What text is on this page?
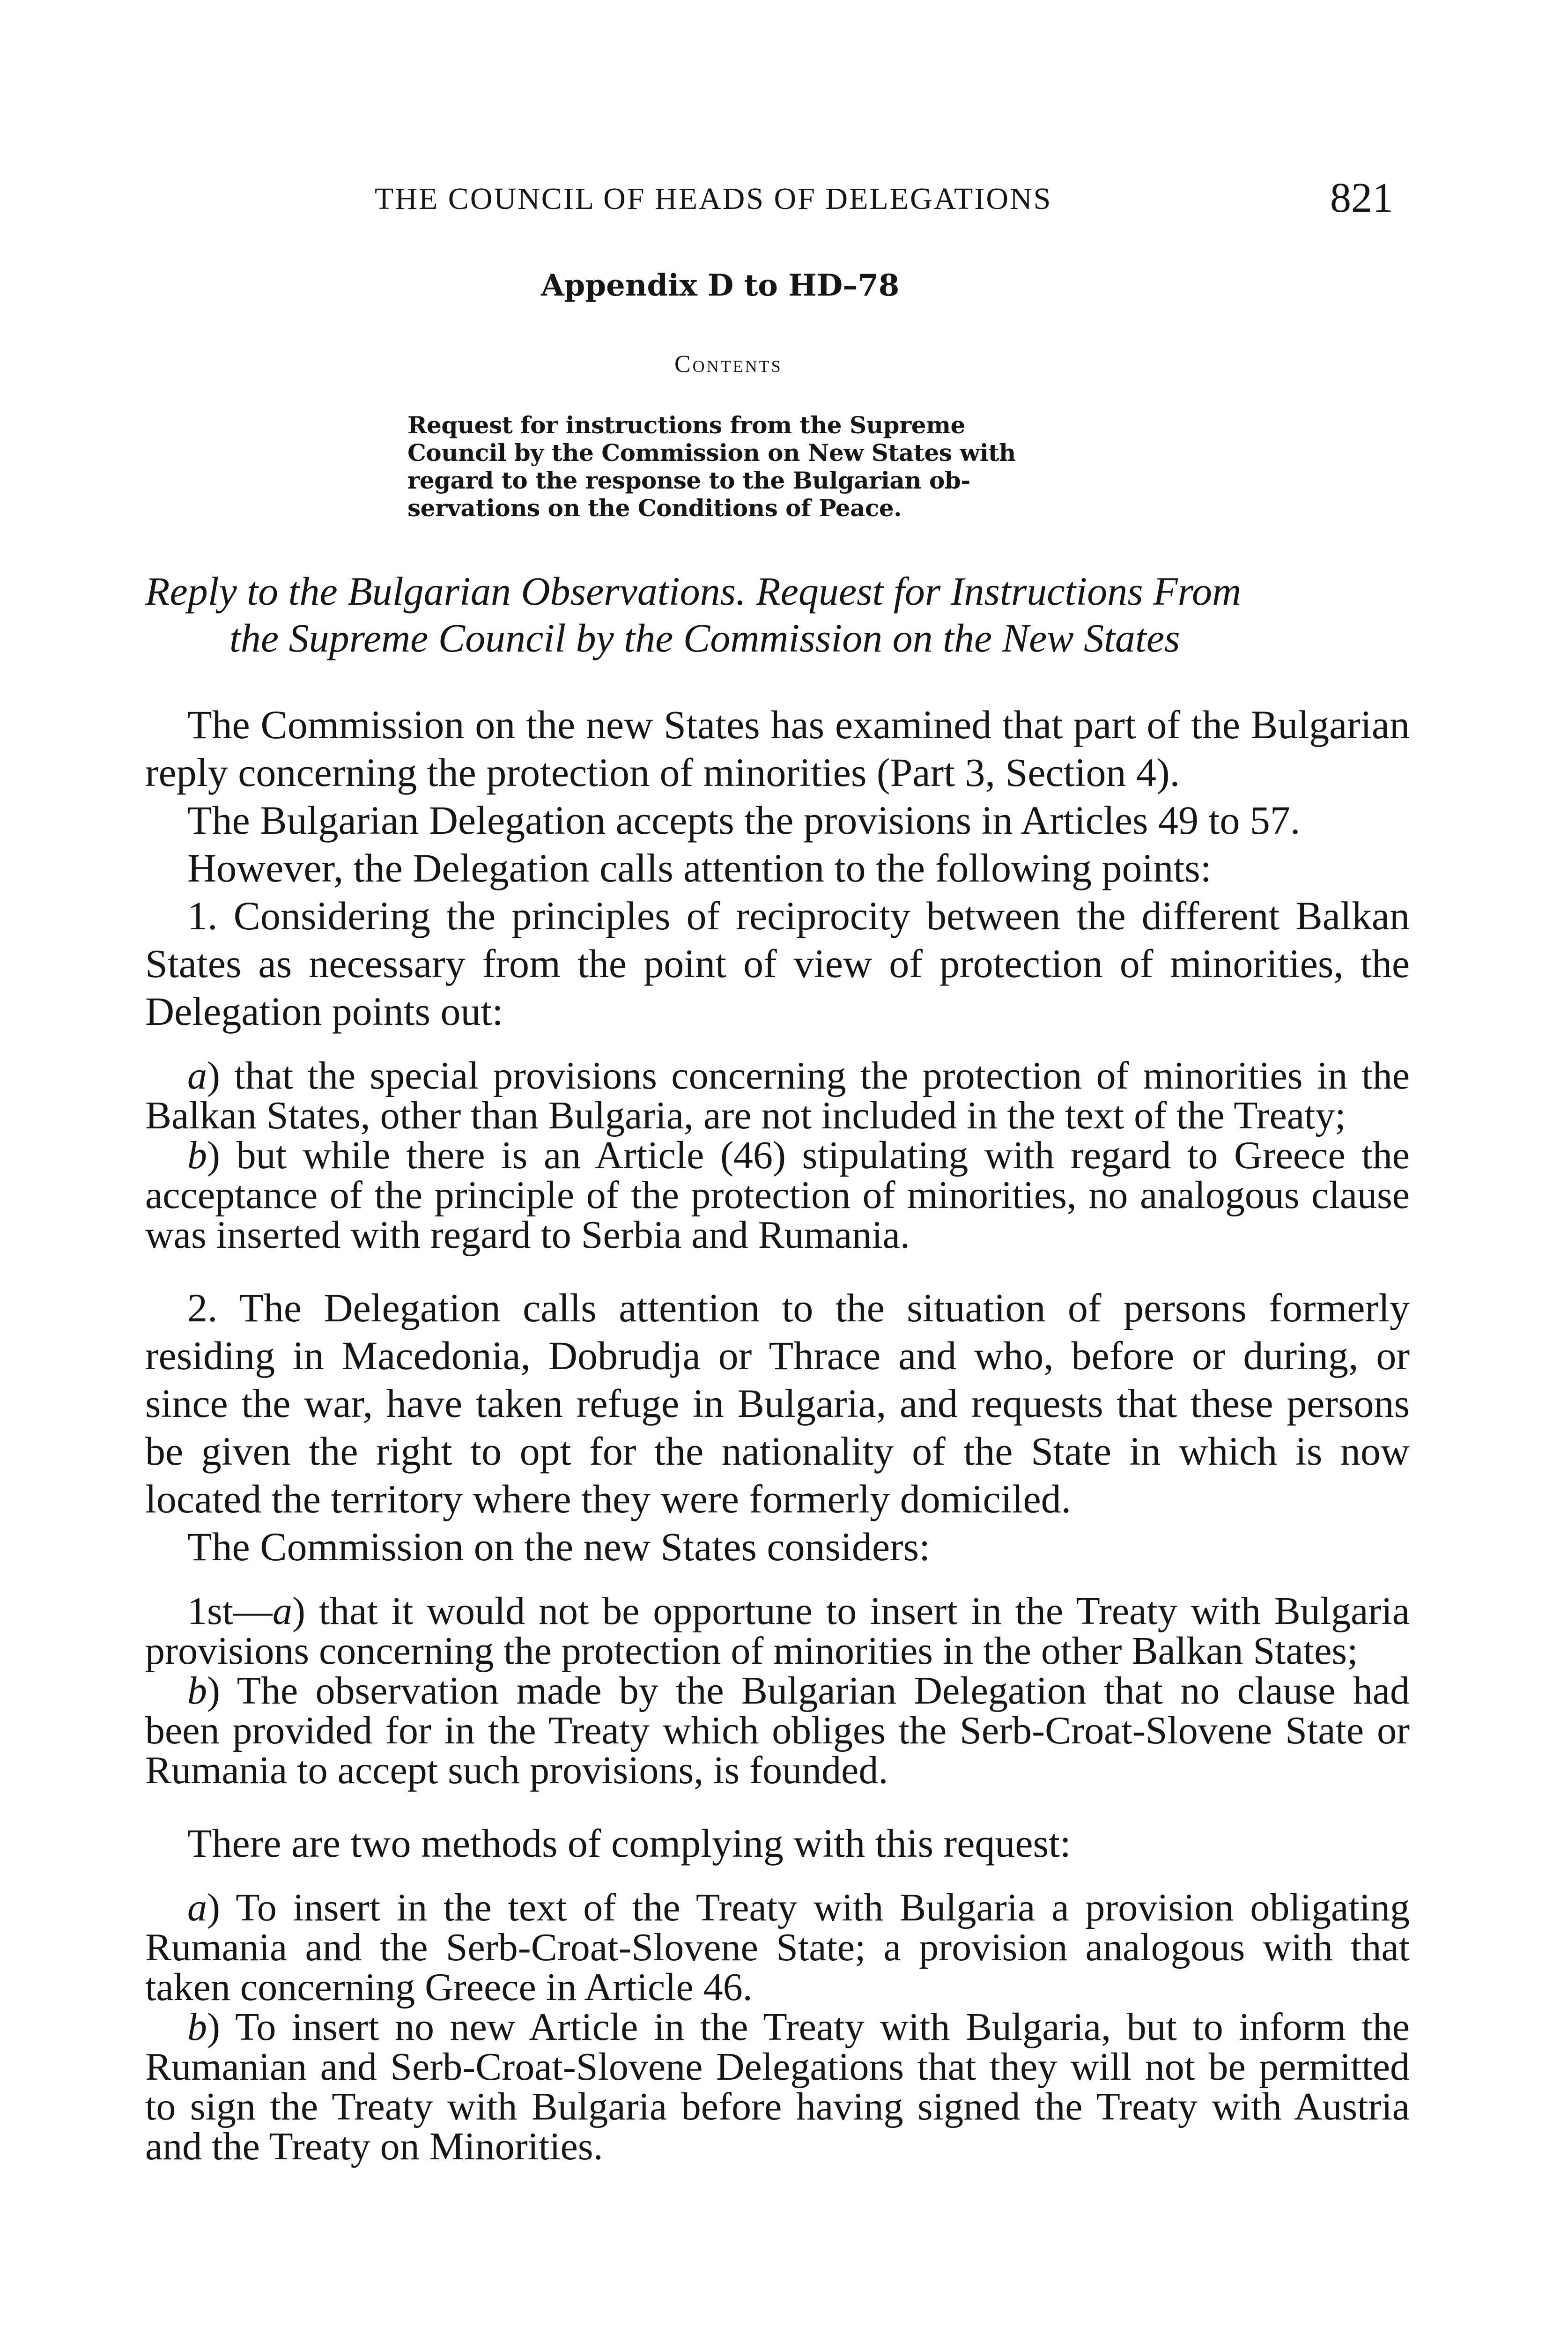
THE COUNCIL OF HEADS OF DELEGATIONS	821
Appendix D to HD–78
Contents
Request for instructions from the Supreme
Council by the Commission on New States with
regard to the response to the Bulgarian ob-
servations on the Conditions of Peace.
Reply to the Bulgarian Observations. Request for Instructions From
the Supreme Council by the Commission on the New States

The Commission on the new States has examined that part of the Bulgarian reply concerning the protection of minorities (Part 3, Section 4).

The Bulgarian Delegation accepts the provisions in Articles 49 to 57.

However, the Delegation calls attention to the following points:

1. Considering the principles of reciprocity between the different Balkan States as necessary from the point of view of protection of minorities, the Delegation points out:

a) that the special provisions concerning the protection of minorities in the Balkan States, other than Bulgaria, are not included in the text of the Treaty;

b) but while there is an Article (46) stipulating with regard to Greece the acceptance of the principle of the protection of minorities, no analogous clause was inserted with regard to Serbia and Rumania.

2. The Delegation calls attention to the situation of persons formerly residing in Macedonia, Dobrudja or Thrace and who, before or during, or since the war, have taken refuge in Bulgaria, and requests that these persons be given the right to opt for the nationality of the State in which is now located the territory where they were formerly domiciled.

The Commission on the new States considers:

1st—a) that it would not be opportune to insert in the Treaty with Bulgaria provisions concerning the protection of minorities in the other Balkan States;

b) The observation made by the Bulgarian Delegation that no clause had been provided for in the Treaty which obliges the Serb-Croat-Slovene State or Rumania to accept such provisions, is founded.

There are two methods of complying with this request:

a) To insert in the text of the Treaty with Bulgaria a provision obligating Rumania and the Serb-Croat-Slovene State; a provision analogous with that taken concerning Greece in Article 46.

b) To insert no new Article in the Treaty with Bulgaria, but to inform the Rumanian and Serb-Croat-Slovene Delegations that they will not be permitted to sign the Treaty with Bulgaria before having signed the Treaty with Austria and the Treaty on Minorities.
